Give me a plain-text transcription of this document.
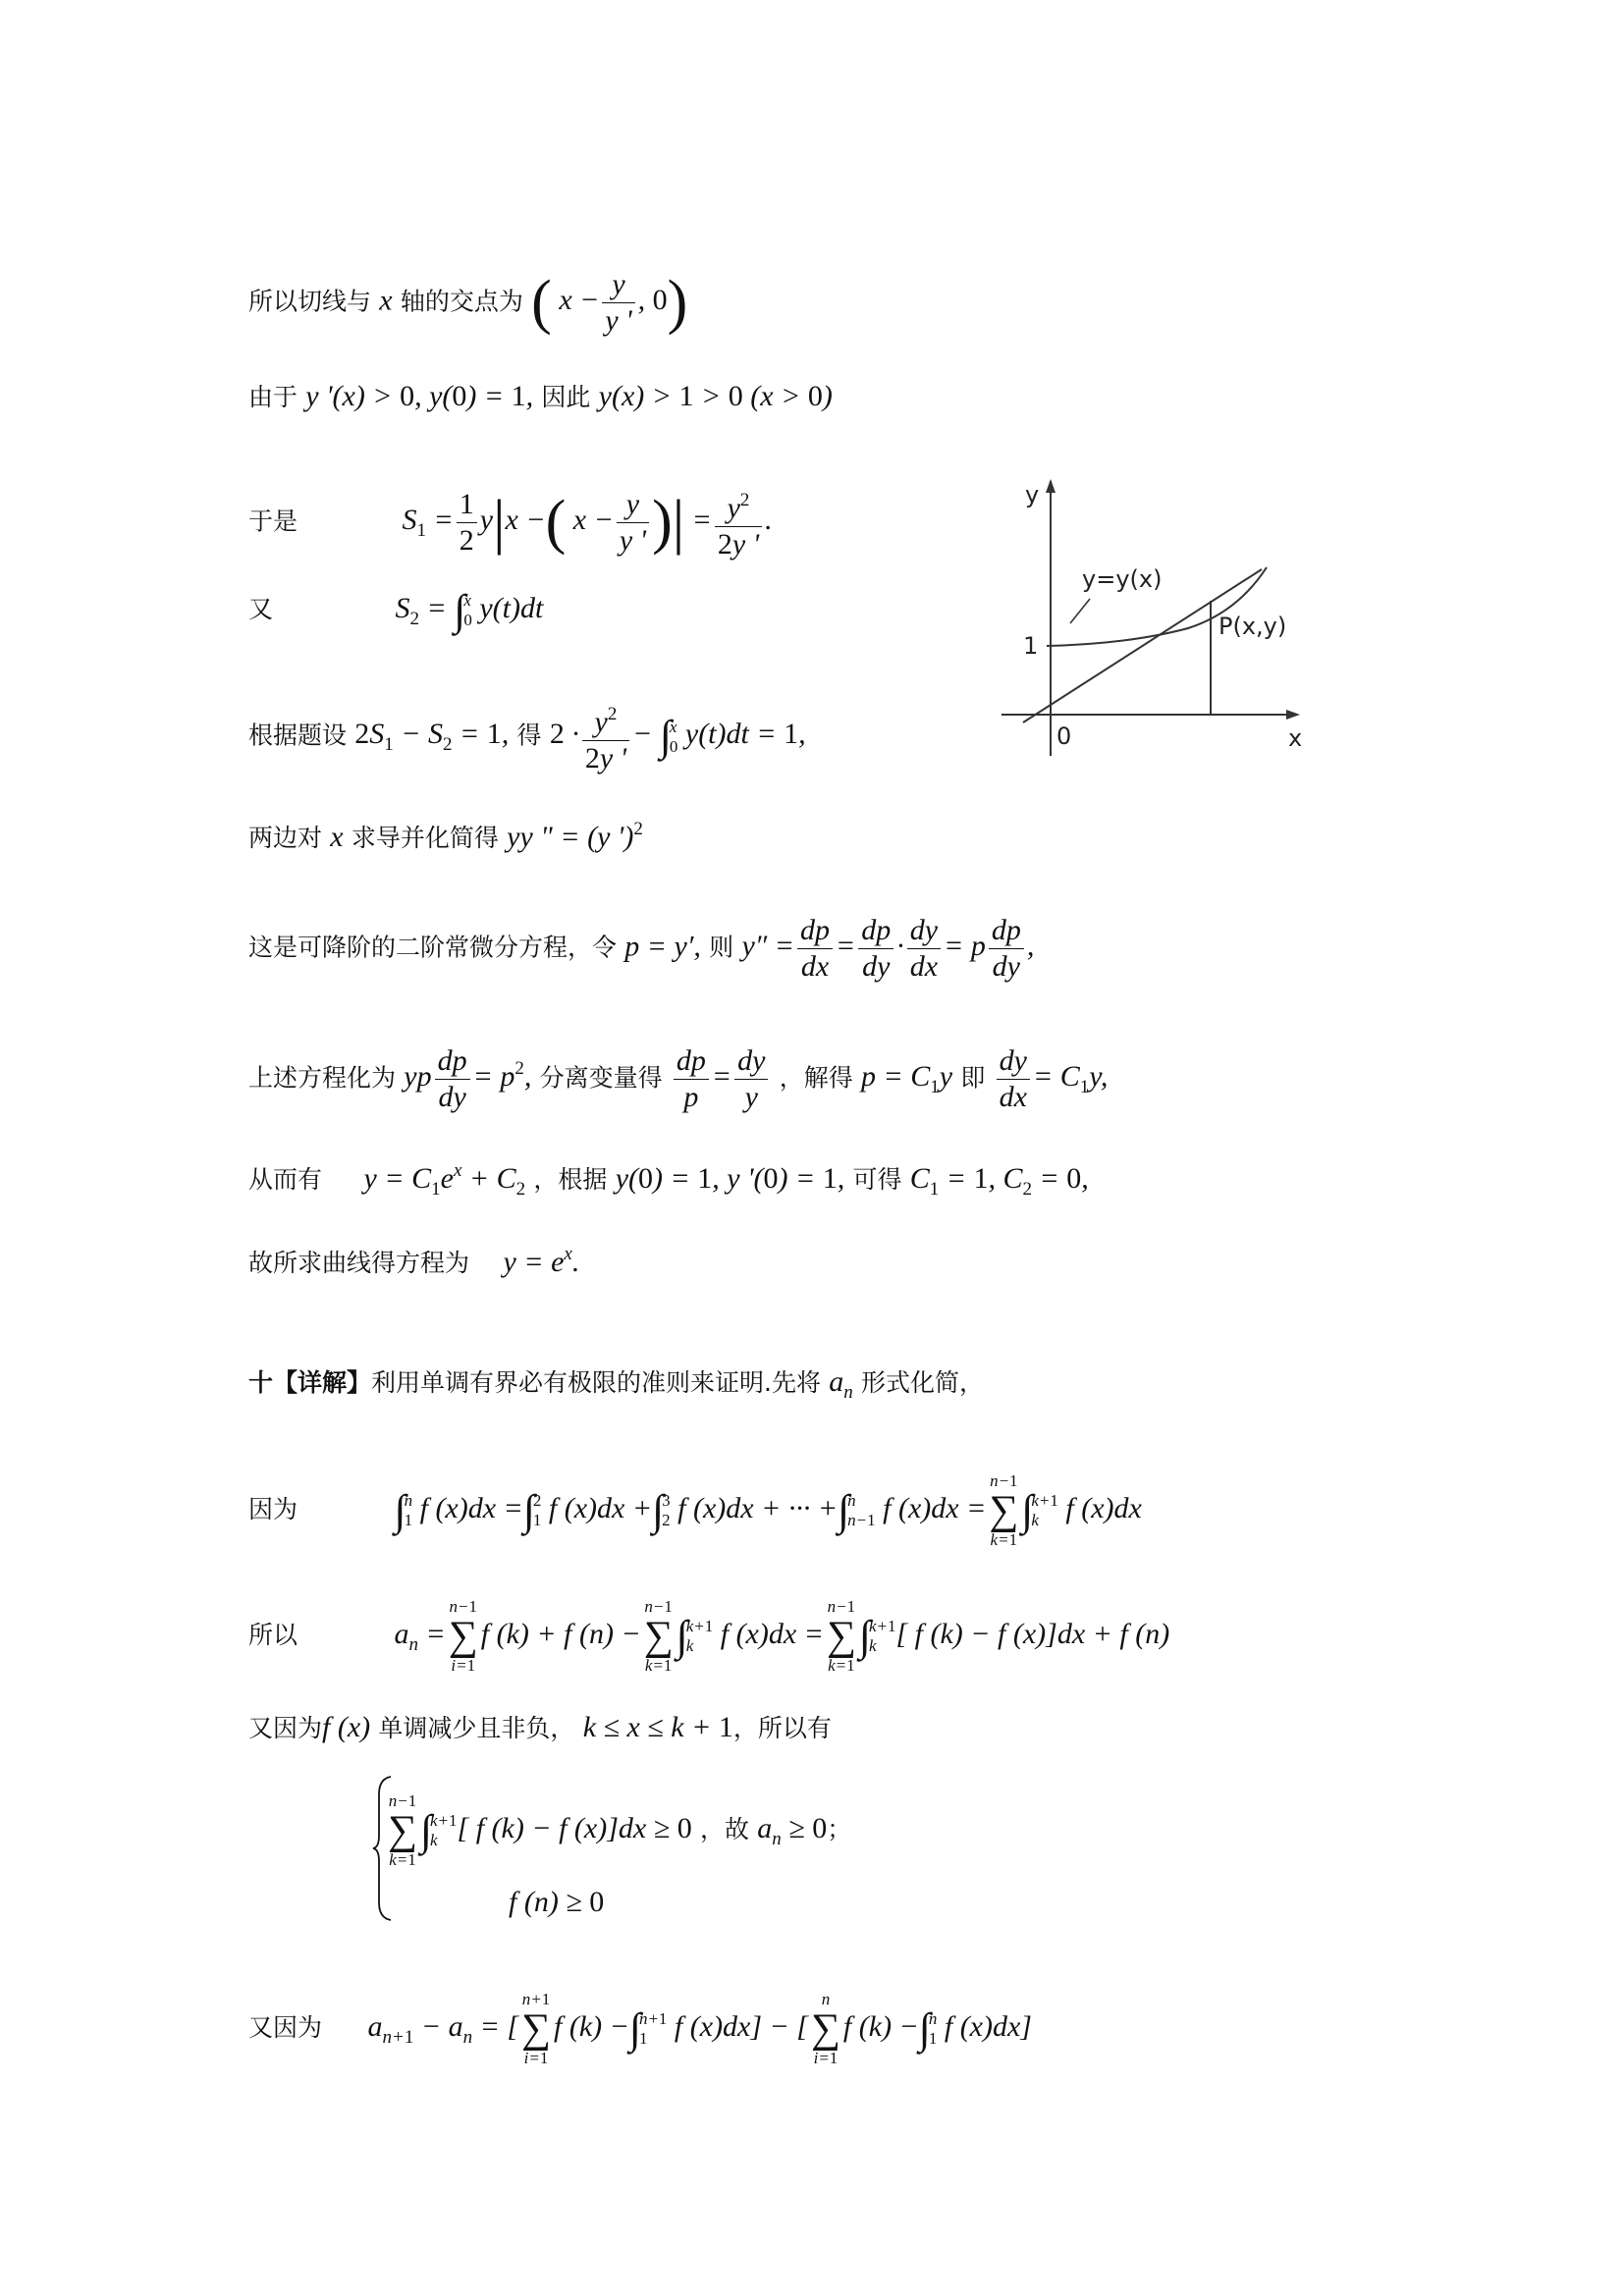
所以切线与 x 轴的交点为 ( $x - \frac{y}{y '}$ , 0)
由于 y '(x) > 0, y(0) = 1, 因此 y(x) > 1 > 0 (x > 0)
于是	$S_1 = \frac{1}{2} y|x$ −( $x - \frac{y}{y '}$ )| = $\frac{y^2}{2y '}$ .
又	$S_2 = \int x$
0 y(t)dt
根据题设 $2S_1 - S_2 = 1$, 得 $2 \cdot \frac{y^2}{2y '} - \int x$
0 y(t)dt = 1,
两边对 x 求导并化简得 yy " = (y ')$^2$
这是可降阶的二阶常微分方程，令 p = y′, 则 $y'' = \frac{dp}{dx} = \frac{dp}{dy} \cdot \frac{dy}{dx} = p \frac{dp}{dy}$ ,
上述方程化为 yp $\frac{dp}{dy} = p^2$, 分离变量得 $\frac{dp}{p} = \frac{dy}{y}$ ，解得 $p = C_1y$ 即 $\frac{dy}{dx} = C_1y$,
从而有 $y = C_1e^x + C_2$ ，根据 y(0) = 1, y '(0) = 1, 可得 $C_1 = 1$, $C_2 = 0$,
故所求曲线得方程为 $y = e^x$.
十【详解】利用单调有界必有极限的准则来证明.先将 $a_n$ 形式化简，
因为 ∫n
1 f (x)dx =∫2
1 f (x)dx +∫3
2 f (x)dx + ··· +∫n
n−1 f (x)dx =n−1
∑
k=1∫k+1
k f (x)dx
所以	$a_n =n-1$
∑
i=1f (k) + f (n) −n−1
∑
k=1∫k+1
k f (x)dx =n−1
∑
k=1∫k+1
k [ f (k) − f (x)]dx + f (n)
又因为f (x) 单调减少且非负， k ≤ x ≤ k + 1，所以有
n−1
∑
k=1∫k+1
k [ f (k) − f (x)]dx ≥ 0 ，故 $a_n \ge 0$；
f (n) ≥ 0
又因为 $a_{n+1} - a_n = [n+1$
∑
i=1f (k) −∫n+1
1 f (x)dx] − [n
∑
i=1f (k) −∫n
1 f (x)dx]
y
x
y=y(x)
P(x,y)
1
0
